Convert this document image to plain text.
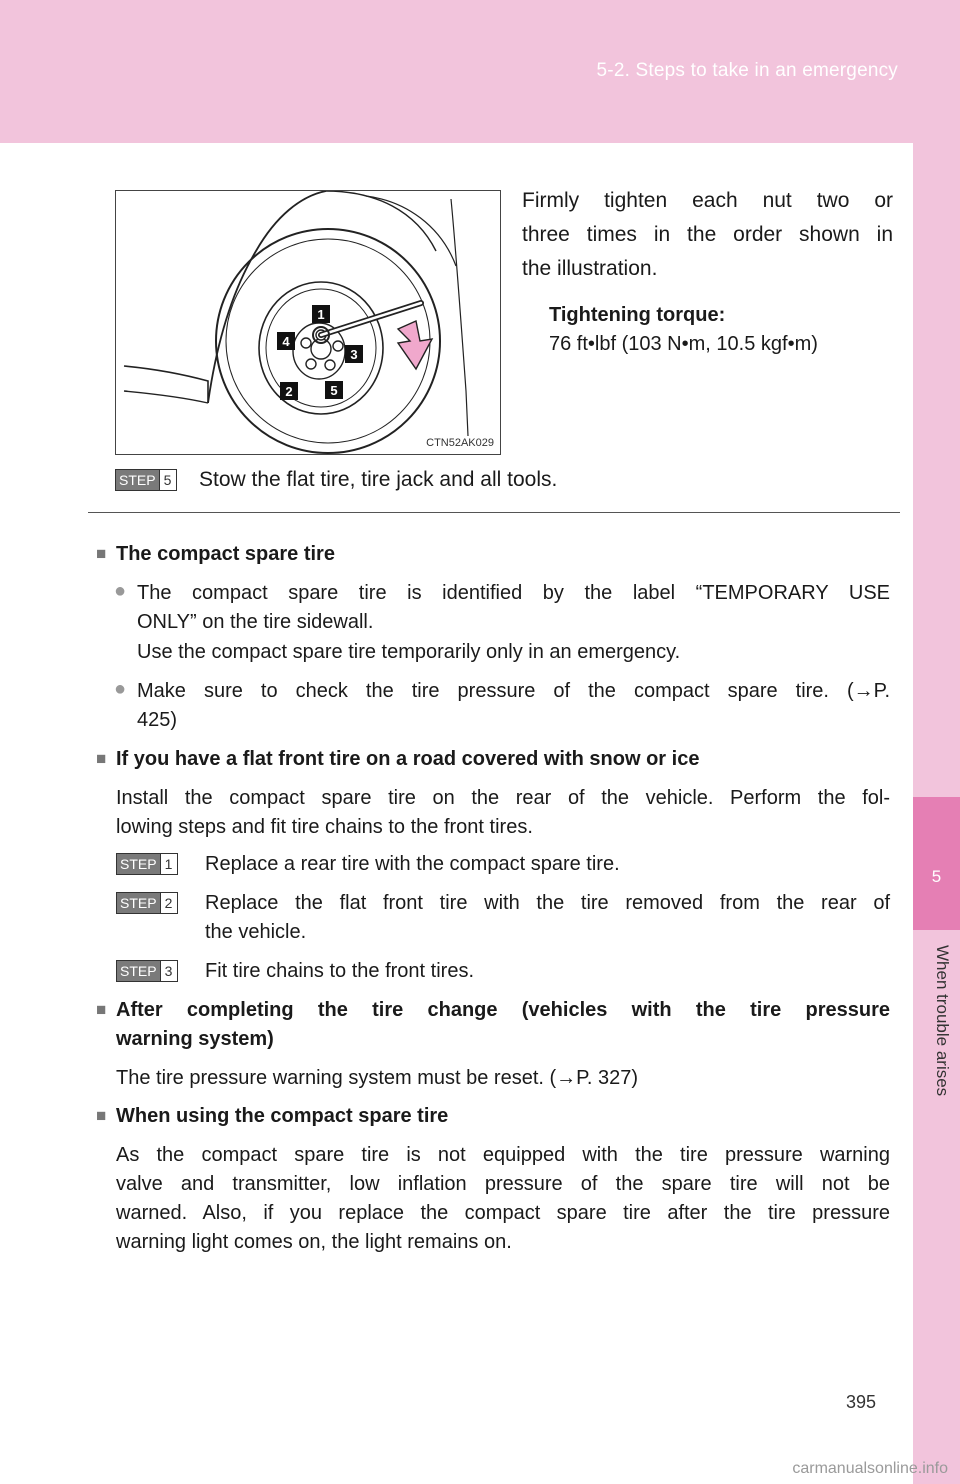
5-2. Steps to take in an emergency
5
When trouble arises
1
4
3
2	5
CTN52AK029
Firmly tighten each nut two or
three times in the order shown in
the illustration.
Tightening torque:
76 ft•lbf (103 N•m, 10.5 kgf•m)
STEP 5 Stow the flat tire, tire jack and all tools.
■ The compact spare tire
● The compact spare tire is identified by the label “TEMPORARY USE
ONLY” on the tire sidewall.
Use the compact spare tire temporarily only in an emergency.
● Make sure to check the tire pressure of the compact spare tire. (→P.
425)
■ If you have a flat front tire on a road covered with snow or ice
Install the compact spare tire on the rear of the vehicle. Perform the fol-
lowing steps and fit tire chains to the front tires.
STEP 1 Replace a rear tire with the compact spare tire.
STEP 2 Replace the flat front tire with the tire removed from the rear of
the vehicle.
STEP 3 Fit tire chains to the front tires.
■ After completing the tire change (vehicles with the tire pressure
warning system)
The tire pressure warning system must be reset. (→P. 327)
■ When using the compact spare tire
As the compact spare tire is not equipped with the tire pressure warning
valve and transmitter, low inflation pressure of the spare tire will not be
warned. Also, if you replace the compact spare tire after the tire pressure
warning light comes on, the light remains on.
395
carmanualsonline.info
